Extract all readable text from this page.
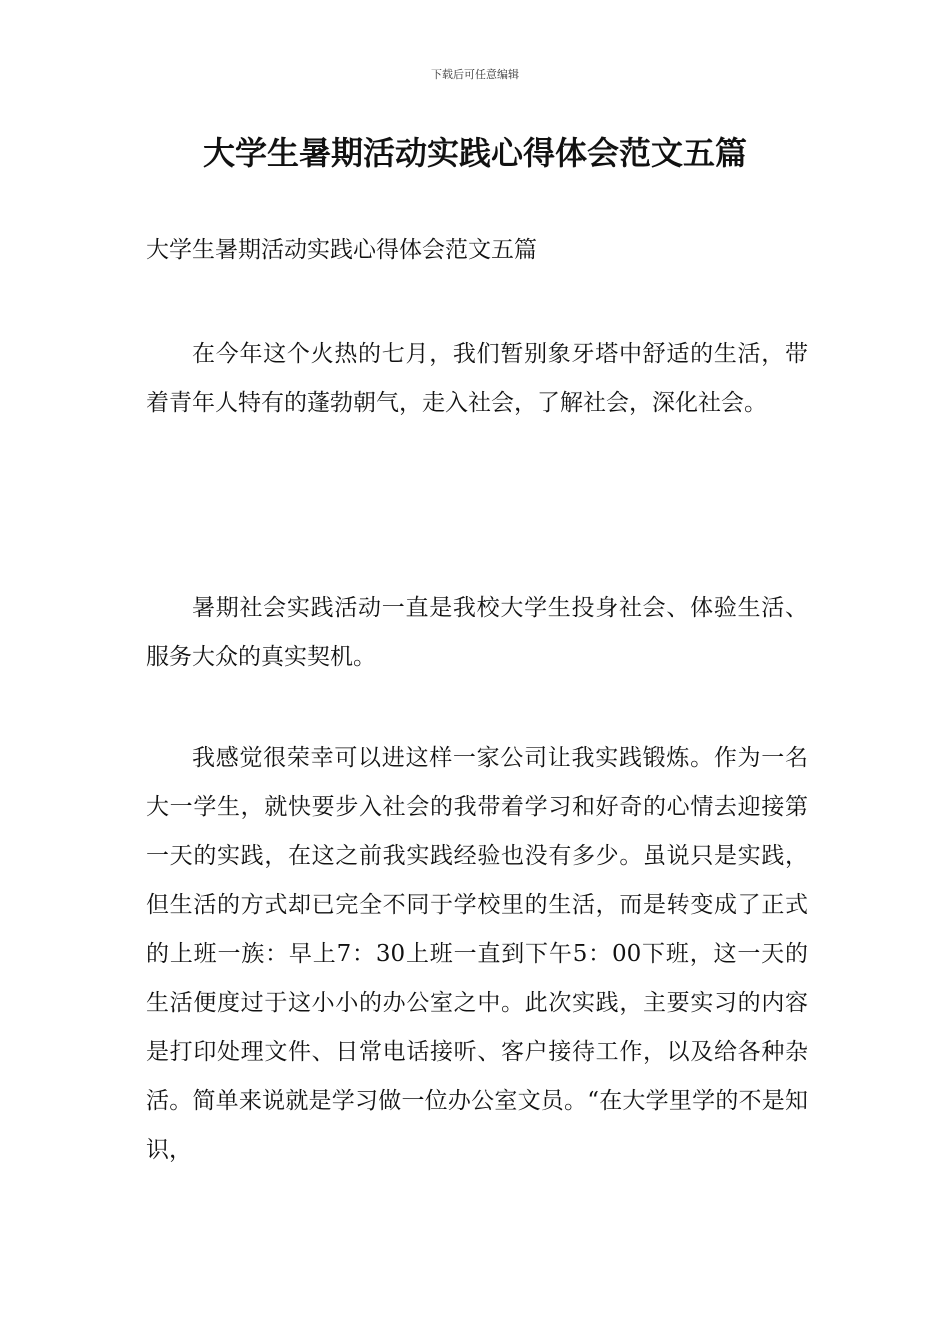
下载后可任意编辑
大学生暑期活动实践心得体会范文五篇

大学生暑期活动实践心得体会范文五篇

在今年这个火热的七月，我们暂别象牙塔中舒适的生活，带着青年人特有的蓬勃朝气，走入社会，了解社会，深化社会。

暑期社会实践活动一直是我校大学生投身社会、体验生活、服务大众的真实契机。

我感觉很荣幸可以进这样一家公司让我实践锻炼。作为一名大一学生，就快要步入社会的我带着学习和好奇的心情去迎接第一天的实践，在这之前我实践经验也没有多少。虽说只是实践，但生活的方式却已完全不同于学校里的生活，而是转变成了正式的上班一族：早上7：30上班一直到下午5：00下班，这一天的生活便度过于这小小的办公室之中。此次实践，主要实习的内容是打印处理文件、日常电话接听、客户接待工作，以及给各种杂活。简单来说就是学习做一位办公室文员。“在大学里学的不是知识，
